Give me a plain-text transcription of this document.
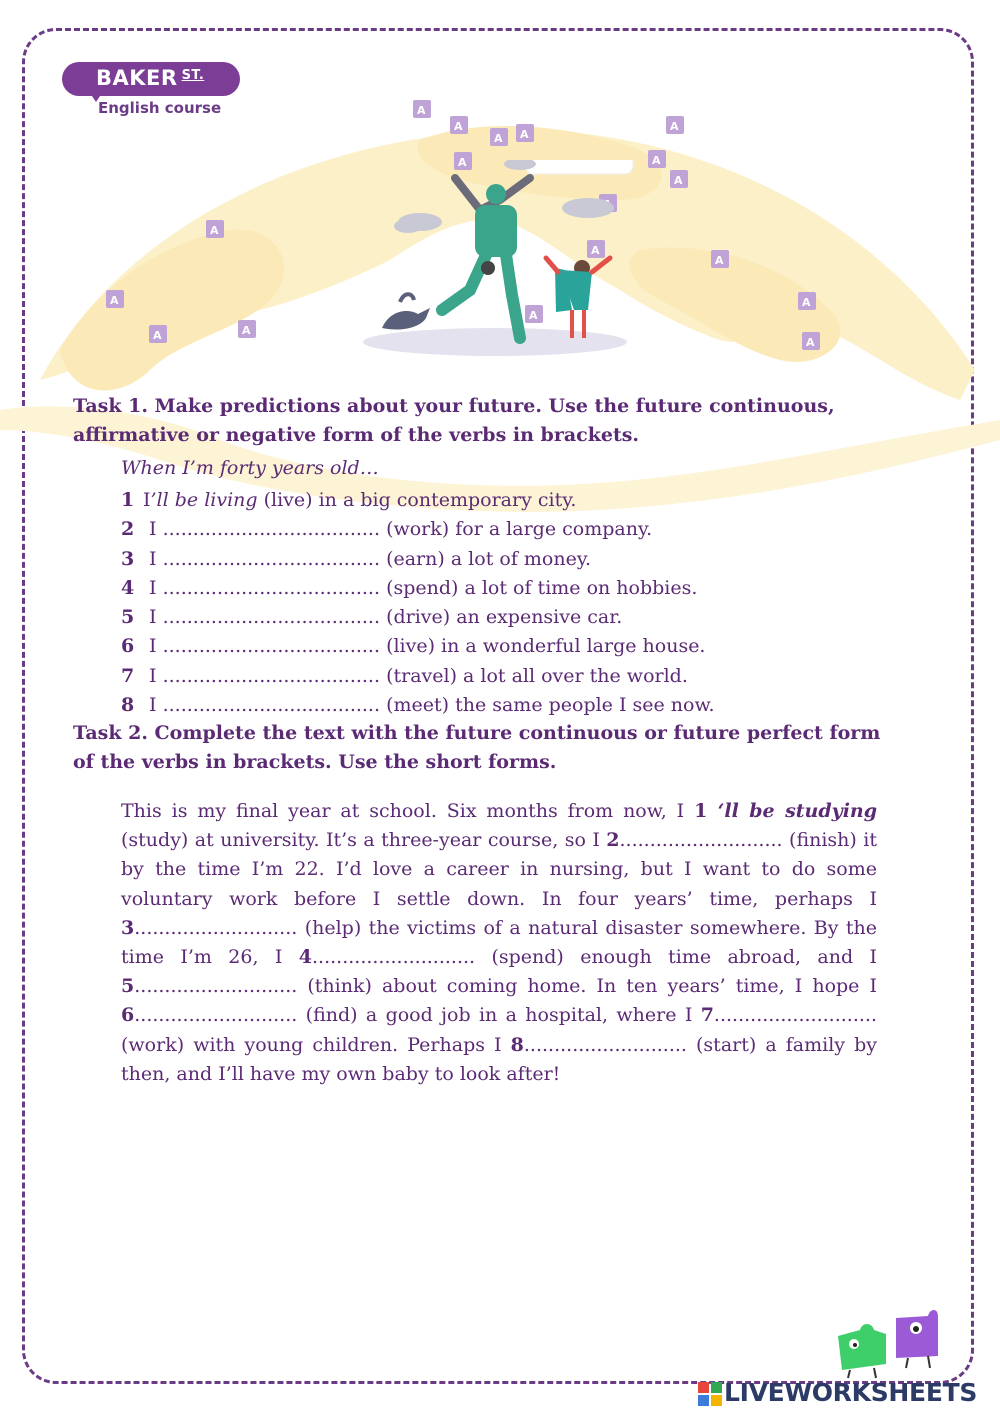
A
A
A A
A
A
A
A
A
A
A
A	A
A
A
A
A
BAKER $^{ST.}$
English course
Task 1. Make predictions about your future. Use the future continuous, affirmative or negative form of the verbs in brackets.
When I’m forty years old…
1 I’ll be living (live) in a big contemporary city.
2 I .................................... (work) for a large company.
3 I .................................... (earn) a lot of money.
4 I .................................... (spend) a lot of time on hobbies.
5 I .................................... (drive) an expensive car.
6 I .................................... (live) in a wonderful large house.
7 I .................................... (travel) a lot all over the world.
8 I .................................... (meet) the same people I see now.
Task 2. Complete the text with the future continuous or future perfect form of the verbs in brackets. Use the short forms.

This is my final year at school. Six months from now, I 1 ‘ll be studying (study) at university. It’s a three-year course, so I 2........................... (finish) it by the time I’m 22. I’d love a career in nursing, but I want to do some voluntary work before I settle down. In four years’ time, perhaps I 3........................... (help) the victims of a natural disaster somewhere. By the time I’m 26, I 4........................... (spend) enough time abroad, and I 5........................... (think) about coming home. In ten years’ time, I hope I 6........................... (find) a good job in a hospital, where I 7........................... (work) with young children. Perhaps I 8........................... (start) a family by then, and I’ll have my own baby to look after!

LIVEWORKSHEETS
